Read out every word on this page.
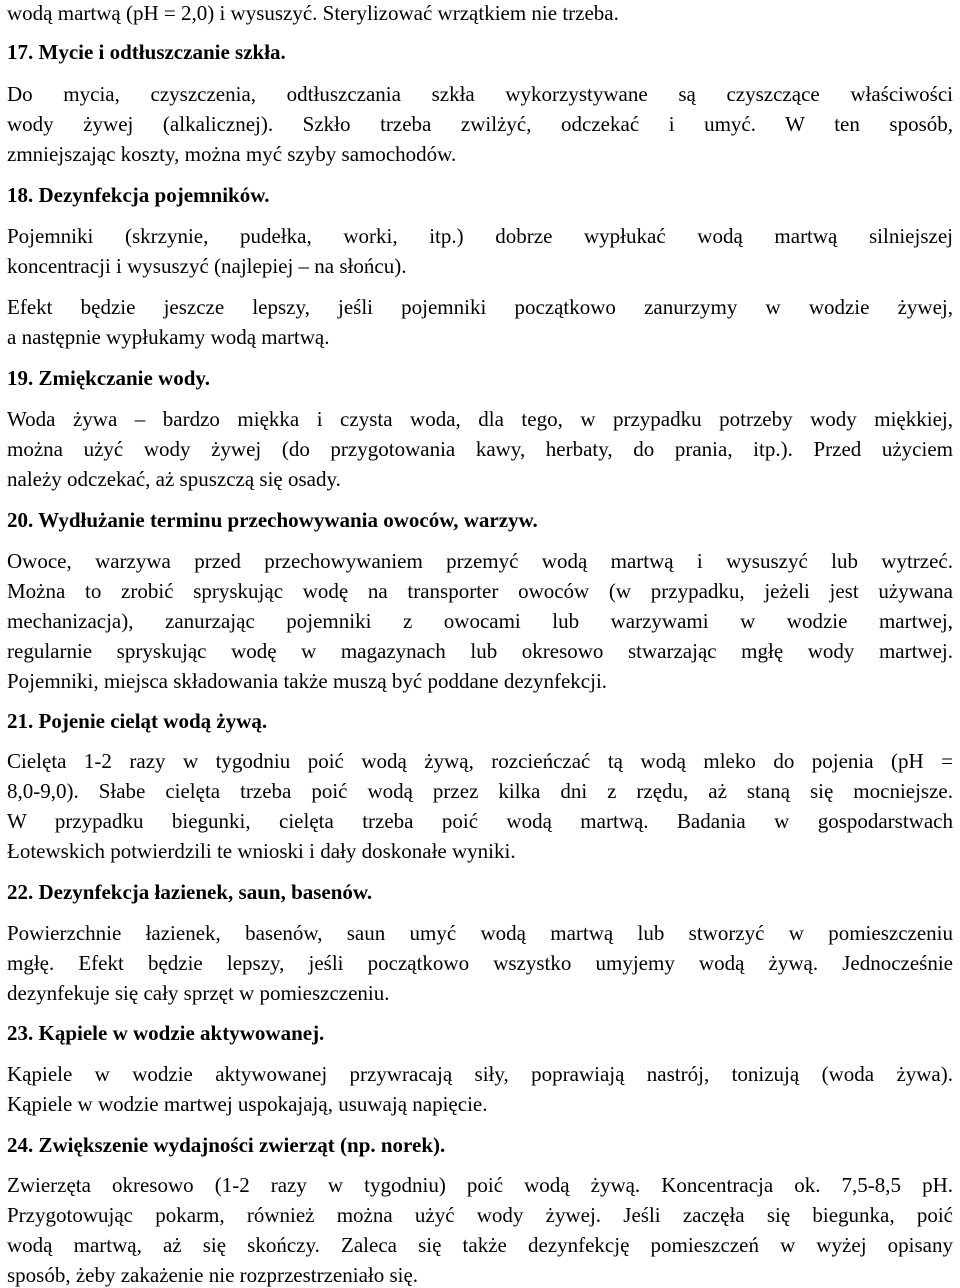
wodą martwą (pH = 2,0) i wysuszyć. Sterylizować wrzątkiem nie trzeba.
17. Mycie i odtłuszczanie szkła.
Do mycia, czyszczenia, odtłuszczania szkła wykorzystywane są czyszczące właściwości
wody żywej (alkalicznej). Szkło trzeba zwilżyć, odczekać i umyć. W ten sposób,
zmniejszając koszty, można myć szyby samochodów.
18. Dezynfekcja pojemników.
Pojemniki (skrzynie, pudełka, worki, itp.) dobrze wypłukać wodą martwą silniejszej
koncentracji i wysuszyć (najlepiej – na słońcu).
Efekt będzie jeszcze lepszy, jeśli pojemniki początkowo zanurzymy w wodzie żywej,
a następnie wypłukamy wodą martwą.
19. Zmiękczanie wody.
Woda żywa – bardzo miękka i czysta woda, dla tego, w przypadku potrzeby wody miękkiej,
można użyć wody żywej (do przygotowania kawy, herbaty, do prania, itp.). Przed użyciem
należy odczekać, aż spuszczą się osady.
20. Wydłużanie terminu przechowywania owoców, warzyw.
Owoce, warzywa przed przechowywaniem przemyć wodą martwą i wysuszyć lub wytrzeć.
Można to zrobić spryskując wodę na transporter owoców (w przypadku, jeżeli jest używana
mechanizacja), zanurzając pojemniki z owocami lub warzywami w wodzie martwej,
regularnie spryskując wodę w magazynach lub okresowo stwarzając mgłę wody martwej.
Pojemniki, miejsca składowania także muszą być poddane dezynfekcji.
21. Pojenie cieląt wodą żywą.
Cielęta 1-2 razy w tygodniu poić wodą żywą, rozcieńczać tą wodą mleko do pojenia (pH =
8,0-9,0). Słabe cielęta trzeba poić wodą przez kilka dni z rzędu, aż staną się mocniejsze.
W przypadku biegunki, cielęta trzeba poić wodą martwą. Badania w gospodarstwach
Łotewskich potwierdzili te wnioski i dały doskonałe wyniki.
22. Dezynfekcja łazienek, saun, basenów.
Powierzchnie łazienek, basenów, saun umyć wodą martwą lub stworzyć w pomieszczeniu
mgłę. Efekt będzie lepszy, jeśli początkowo wszystko umyjemy wodą żywą. Jednocześnie
dezynfekuje się cały sprzęt w pomieszczeniu.
23. Kąpiele w wodzie aktywowanej.
Kąpiele w wodzie aktywowanej przywracają siły, poprawiają nastrój, tonizują (woda żywa).
Kąpiele w wodzie martwej uspokajają, usuwają napięcie.
24. Zwiększenie wydajności zwierząt (np. norek).
Zwierzęta okresowo (1-2 razy w tygodniu) poić wodą żywą. Koncentracja ok. 7,5-8,5 pH.
Przygotowując pokarm, również można użyć wody żywej. Jeśli zaczęła się biegunka, poić
wodą martwą, aż się skończy. Zaleca się także dezynfekcję pomieszczeń w wyżej opisany
sposób, żeby zakażenie nie rozprzestrzeniało się.
